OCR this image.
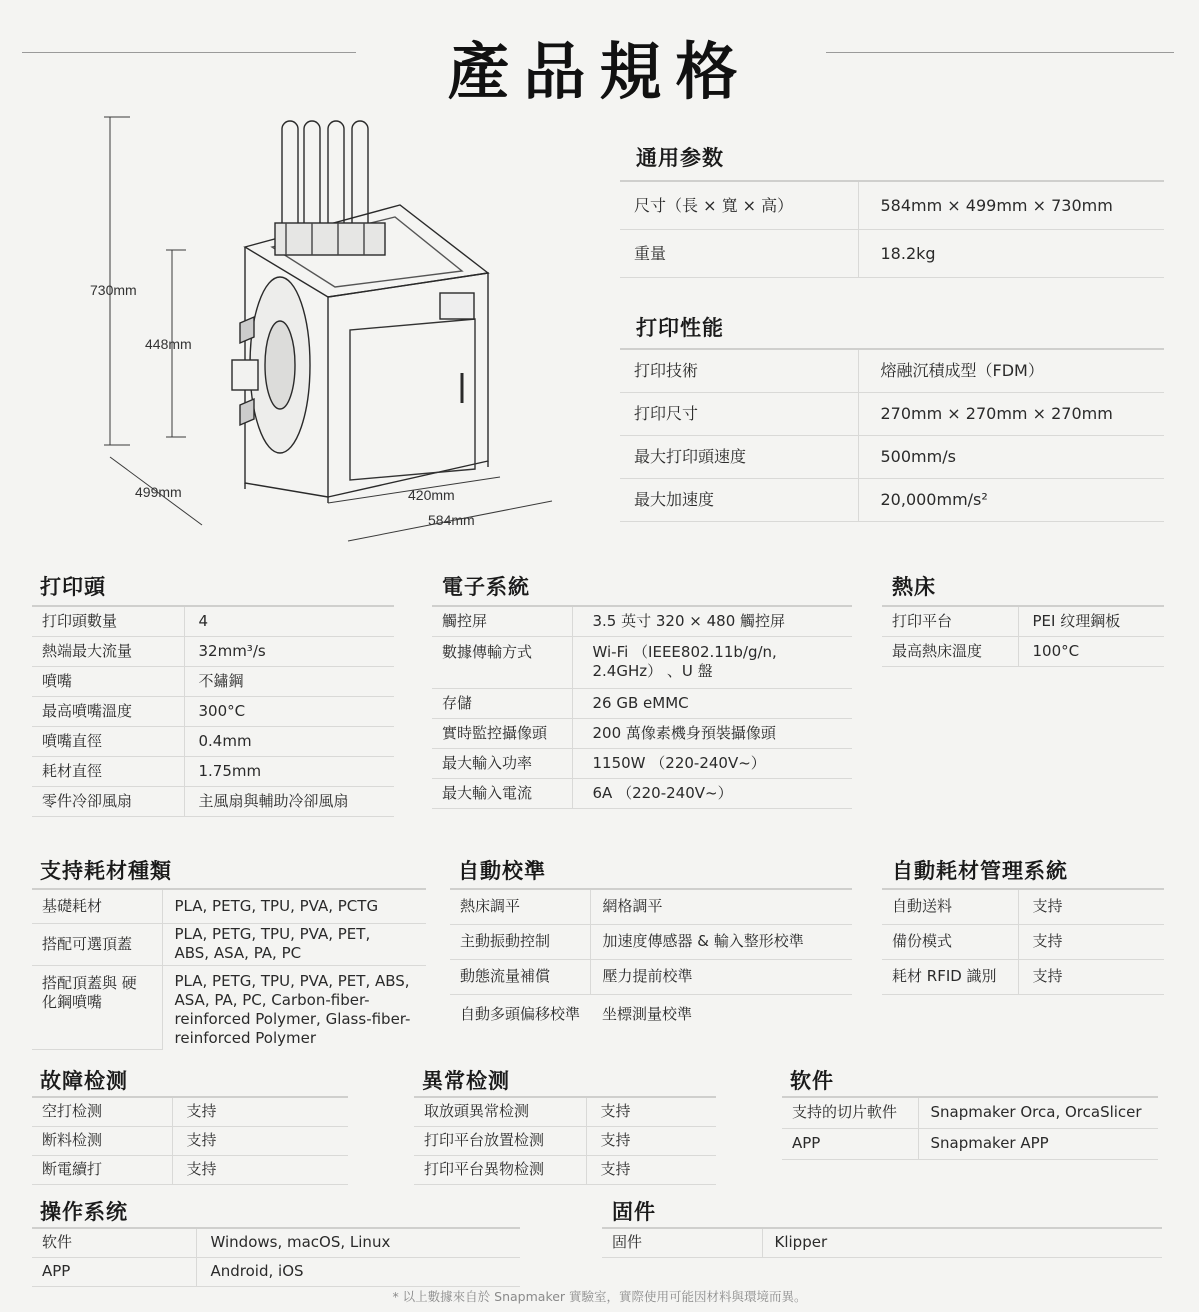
產品規格
730mm
448mm
499mm	420mm
584mm
通用参数
尺寸（長 × 寬 × 高）	584mm × 499mm × 730mm
重量	18.2kg
打印性能
打印技術	熔融沉積成型（FDM）
打印尺寸	270mm × 270mm × 270mm
最大打印頭速度	500mm/s
最大加速度	20,000mm/s²
打印頭
打印頭數量	4
熱端最大流量	32mm³/s
噴嘴	不鏽鋼
最高噴嘴溫度	300°C
噴嘴直徑	0.4mm
耗材直徑	1.75mm
零件冷卻風扇	主風扇與輔助冷卻風扇
電子系統
觸控屏	3.5 英寸 320 × 480 觸控屏
數據傳輸方式	Wi-Fi （IEEE802.11b/g/n, 2.4GHz） 、U 盤
存儲	26 GB eMMC
實時監控攝像頭	200 萬像素機身預裝攝像頭
最大輸入功率	1150W （220-240V~）
最大輸入電流	6A （220-240V~）
熱床
打印平台	PEI 纹理鋼板
最高熱床溫度	100°C
支持耗材種類
基礎耗材	PLA, PETG, TPU, PVA, PCTG
搭配可選頂蓋	PLA, PETG, TPU, PVA, PET, ABS, ASA, PA, PC
搭配頂蓋與 硬化鋼噴嘴	PLA, PETG, TPU, PVA, PET, ABS, ASA, PA, PC, Carbon-fiber-reinforced Polymer, Glass-fiber-reinforced Polymer
自動校準
熱床調平	網格調平
主動振動控制	加速度傳感器 & 輸入整形校準
動態流量補償	壓力提前校準
自動多頭偏移校準	坐標測量校準
自動耗材管理系統
自動送料	支持
備份模式	支持
耗材 RFID 識別	支持
故障检测
空打检测	支持
断料检测	支持
断電續打	支持
異常检测
取放頭異常检测	支持
打印平台放置检测	支持
打印平台異物检测	支持
软件
支持的切片軟件	Snapmaker Orca, OrcaSlicer
APP	Snapmaker APP
操作系统
软件	Windows, macOS, Linux
APP	Android, iOS
固件
固件	Klipper
* 以上數據來自於 Snapmaker 實驗室，實際使用可能因材料與環境而異。
